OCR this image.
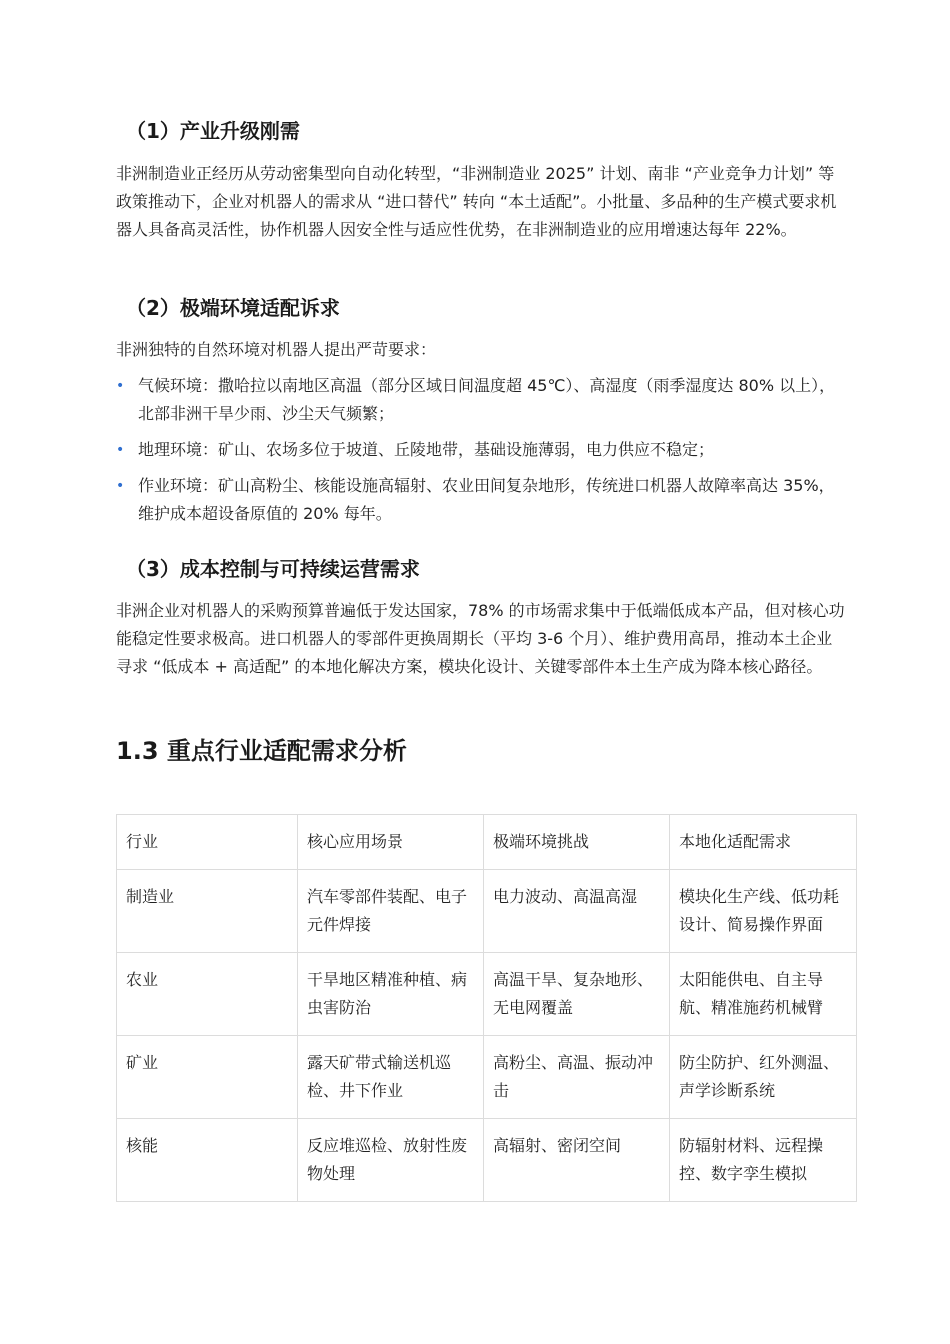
（1）产业升级刚需

非洲制造业正经历从劳动密集型向自动化转型，“非洲制造业 2025” 计划、南非 “产业竞争力计划” 等政策推动下，企业对机器人的需求从 “进口替代” 转向 “本土适配”。小批量、多品种的生产模式要求机器人具备高灵活性，协作机器人因安全性与适应性优势，在非洲制造业的应用增速达每年 22%。

（2）极端环境适配诉求

非洲独特的自然环境对机器人提出严苛要求：

• 气候环境：撒哈拉以南地区高温（部分区域日间温度超 45℃）、高湿度（雨季湿度达 80% 以上），北部非洲干旱少雨、沙尘天气频繁；
• 地理环境：矿山、农场多位于坡道、丘陵地带，基础设施薄弱，电力供应不稳定；
• 作业环境：矿山高粉尘、核能设施高辐射、农业田间复杂地形，传统进口机器人故障率高达 35%，维护成本超设备原值的 20% 每年。
（3）成本控制与可持续运营需求

非洲企业对机器人的采购预算普遍低于发达国家，78% 的市场需求集中于低端低成本产品，但对核心功能稳定性要求极高。进口机器人的零部件更换周期长（平均 3-6 个月）、维护费用高昂，推动本土企业寻求 “低成本 + 高适配” 的本地化解决方案，模块化设计、关键零部件本土生产成为降本核心路径。

1.3 重点行业适配需求分析
行业	核心应用场景	极端环境挑战	本地化适配需求
制造业	汽车零部件装配、电子元件焊接	电力波动、高温高湿	模块化生产线、低功耗设计、简易操作界面
农业	干旱地区精准种植、病虫害防治	高温干旱、复杂地形、无电网覆盖	太阳能供电、自主导航、精准施药机械臂
矿业	露天矿带式输送机巡检、井下作业	高粉尘、高温、振动冲击	防尘防护、红外测温、声学诊断系统
核能	反应堆巡检、放射性废物处理	高辐射、密闭空间	防辐射材料、远程操控、数字孪生模拟
